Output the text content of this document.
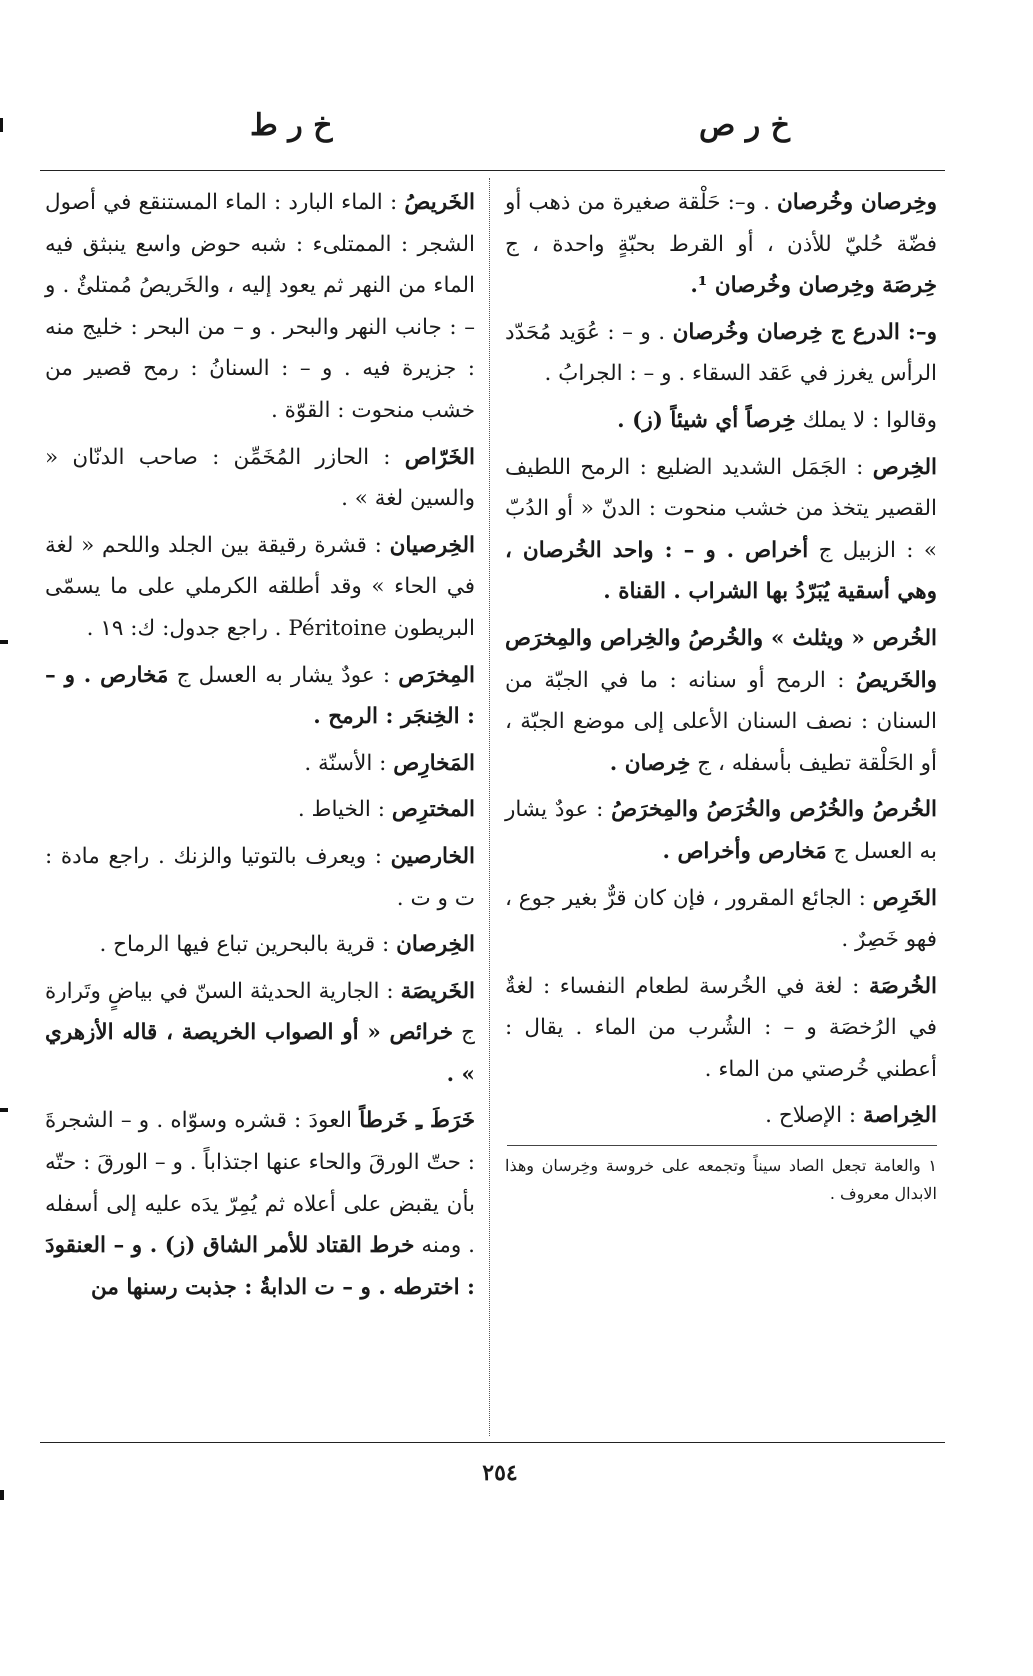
خ ر ص
خ ر ط

وخِرصان وخُرصان . و–: حَلْقة صغيرة من ذهب أو فضّة حُليّ للأذن ، أو القرط بحبّةٍ واحدة ، ج خِرصَة وخِرصان وخُرصان ¹.

و–: الدرع ج خِرصان وخُرصان . و – : عُوَيد مُحَدّد الرأس يغرز في عَقد السقاء . و – : الجرابُ .

وقالوا : لا يملك خِرصاً أي شيئاً (ز) .

الخِرص : الجَمَل الشديد الضليع : الرمح اللطيف القصير يتخذ من خشب منحوت : الدنّ « أو الدُبّ » : الزبيل ج أخراص . و – : واحد الخُرصان ، وهي أسقية يُبَرّدُ بها الشراب . القناة .

الخُرص « ويثلث » والخُرصُ والخِراص والمِخرَص والخَريصُ : الرمح أو سنانه : ما في الجبّة من السنان : نصف السنان الأعلى إلى موضع الجبّة ، أو الحَلْقة تطيف بأسفله ، ج خِرصان .

الخُرصُ والخُرُص والخُرَصُ والمِخرَصُ : عودٌ يشار به العسل ج مَخارص وأخراص .

الخَرِص : الجائع المقرور ، فإن كان قرٌّ بغير جوع ، فهو خَصِرٌ .

الخُرصَة : لغة في الخُرسة لطعام النفساء : لغةٌ في الرُخصَة و – : الشُرب من الماء . يقال : أعطني خُرصتي من الماء .

الخِراصة : الإصلاح .

١ والعامة تجعل الصاد سيناً وتجمعه على خروسة وخِرسان وهذا الابدال معروف .

الخَريصُ : الماء البارد : الماء المستنقع في أصول الشجر : الممتلىء : شبه حوض واسع ينبثق فيه الماء من النهر ثم يعود إليه ، والخَريصُ مُمتلئٌ . و – : جانب النهر والبحر . و – من البحر : خليج منه : جزيرة فيه . و – : السنانُ : رمح قصير من خشب منحوت : القوّة .

الخَرّاص : الحازر المُخَمِّن : صاحب الدنّان « والسين لغة » .

الخِرصيان : قشرة رقيقة بين الجلد واللحم « لغة في الحاء » وقد أطلقه الكرملي على ما يسمّى البريطون Péritoine . راجع جدول: ك: ١٩ .

المِخرَص : عودٌ يشار به العسل ج مَخارص . و – : الخِنجَر : الرمح .

المَخارِص : الأسنّة .

المخترِص : الخياط .

الخارصين : ويعرف بالتوتيا والزنك . راجع مادة : ت و ت .

الخِرصان : قرية بالبحرين تباع فيها الرماح .

الخَريصَة : الجارية الحديثة السنّ في بياضٍ وتَرارة ج خرائص « أو الصواب الخريصة ، قاله الأزهري » .

خَرَطَ ـِ خَرطاً العودَ : قشره وسوّاه . و – الشجرةَ : حتّ الورقَ والحاء عنها اجتذاباً . و – الورقَ : حتّه بأن يقبض على أعلاه ثم يُمِرّ يدَه عليه إلى أسفله . ومنه خرط القتاد للأمر الشاق (ز) . و – العنقودَ : اخترطه . و – ت الدابةُ : جذبت رسنها من

٢٥٤
